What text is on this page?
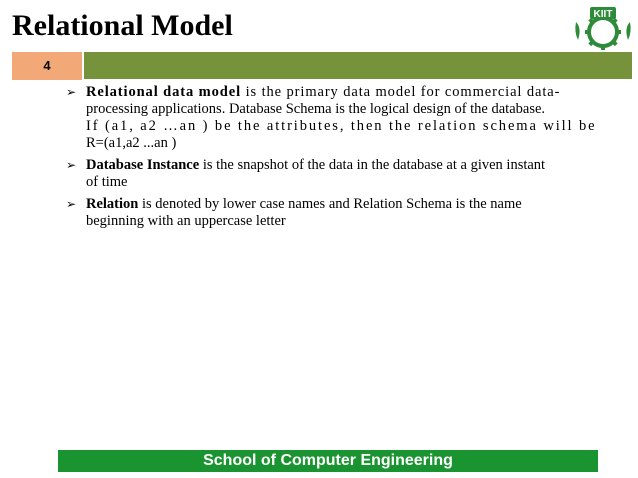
Relational Model	KIIT
4
➢ Relational data model is the primary data model for commercial data-
processing applications. Database Schema is the logical design of the database.
If (a1, a2 …an ) be the attributes, then the relation schema will be
R=(a1,a2 ...an )
➢ Database Instance is the snapshot of the data in the database at a given instant
of time
➢ Relation is denoted by lower case names and Relation Schema is the name
beginning with an uppercase letter
School of Computer Engineering
